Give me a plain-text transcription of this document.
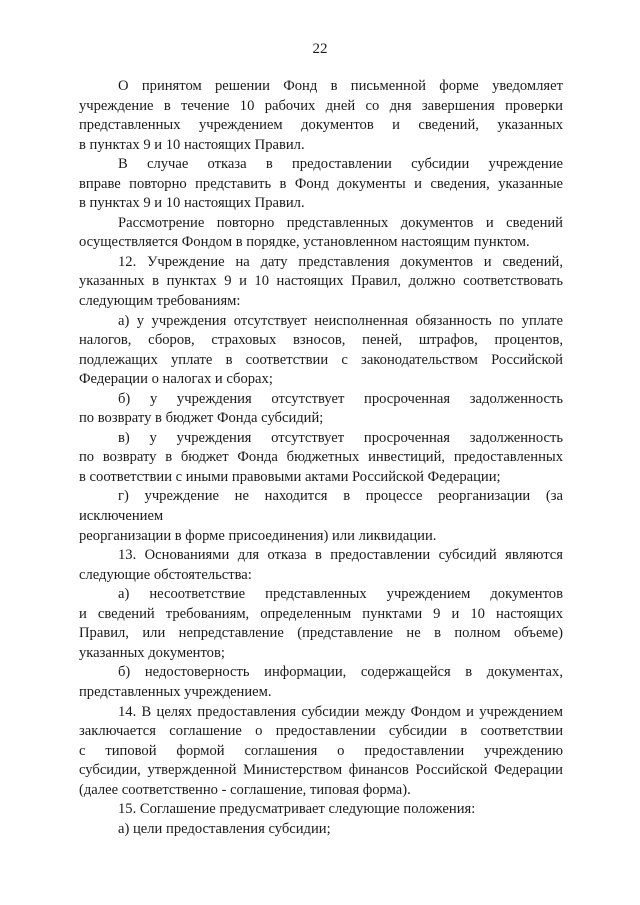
22
О принятом решении Фонд в письменной форме уведомляет
учреждение в течение 10 рабочих дней со дня завершения проверки
представленных учреждением документов и сведений, указанных
в пунктах 9 и 10 настоящих Правил.
В случае отказа в предоставлении субсидии учреждение
вправе повторно представить в Фонд документы и сведения, указанные
в пунктах 9 и 10 настоящих Правил.
Рассмотрение повторно представленных документов и сведений
осуществляется Фондом в порядке, установленном настоящим пунктом.
12. Учреждение на дату представления документов и сведений,
указанных в пунктах 9 и 10 настоящих Правил, должно соответствовать
следующим требованиям:
а) у учреждения отсутствует неисполненная обязанность по уплате
налогов, сборов, страховых взносов, пеней, штрафов, процентов,
подлежащих уплате в соответствии с законодательством Российской
Федерации о налогах и сборах;
б) у учреждения отсутствует просроченная задолженность
по возврату в бюджет Фонда субсидий;
в) у учреждения отсутствует просроченная задолженность
по возврату в бюджет Фонда бюджетных инвестиций, предоставленных
в соответствии с иными правовыми актами Российской Федерации;
г) учреждение не находится в процессе реорганизации (за исключением
реорганизации в форме присоединения) или ликвидации.
13. Основаниями для отказа в предоставлении субсидий являются
следующие обстоятельства:
а) несоответствие представленных учреждением документов
и сведений требованиям, определенным пунктами 9 и 10 настоящих
Правил, или непредставление (представление не в полном объеме)
указанных документов;
б) недостоверность информации, содержащейся в документах,
представленных учреждением.
14. В целях предоставления субсидии между Фондом и учреждением
заключается соглашение о предоставлении субсидии в соответствии
с типовой формой соглашения о предоставлении учреждению
субсидии, утвержденной Министерством финансов Российской Федерации
(далее соответственно - соглашение, типовая форма).
15. Соглашение предусматривает следующие положения:
а) цели предоставления субсидии;
